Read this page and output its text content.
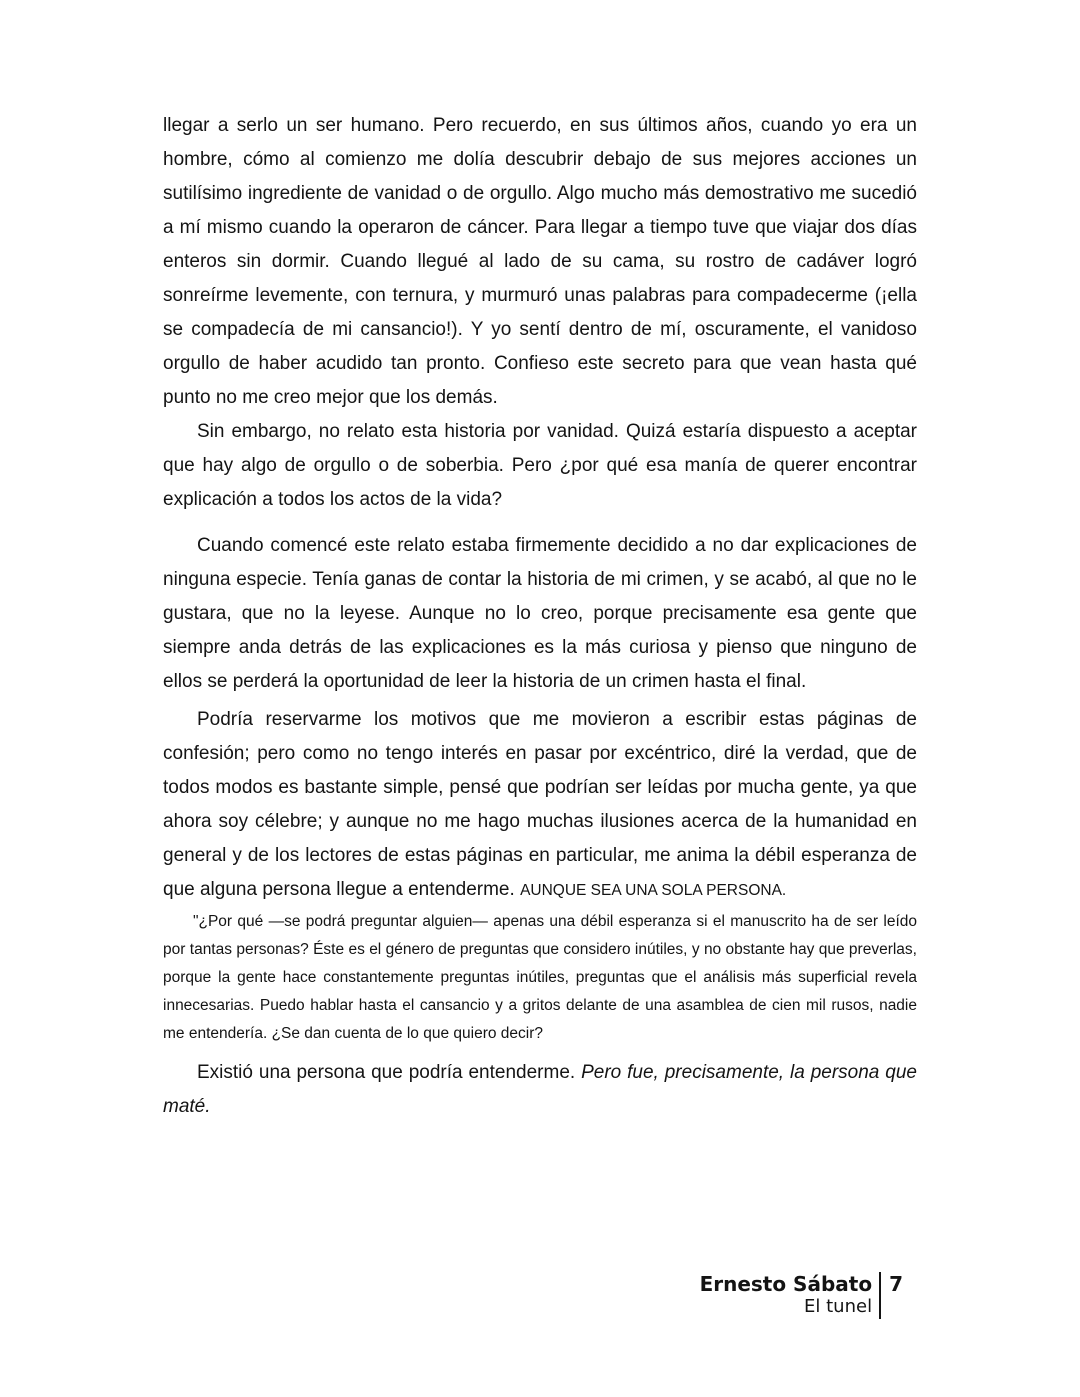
llegar a serlo un ser humano. Pero recuerdo, en sus últimos años, cuando yo era un hombre, cómo al comienzo me dolía descubrir debajo de sus mejores acciones un sutilísimo ingrediente de vanidad o de orgullo. Algo mucho más demostrativo me sucedió a mí mismo cuando la operaron de cáncer. Para llegar a tiempo tuve que viajar dos días enteros sin dormir. Cuando llegué al lado de su cama, su rostro de cadáver logró sonreírme levemente, con ternura, y murmuró unas palabras para compadecerme (¡ella se compadecía de mi cansancio!). Y yo sentí dentro de mí, oscuramente, el vanidoso orgullo de haber acudido tan pronto. Confieso este secreto para que vean hasta qué punto no me creo mejor que los demás.

Sin embargo, no relato esta historia por vanidad. Quizá estaría dispuesto a aceptar que hay algo de orgullo o de soberbia. Pero ¿por qué esa manía de querer encontrar explicación a todos los actos de la vida?

Cuando comencé este relato estaba firmemente decidido a no dar explicaciones de ninguna especie. Tenía ganas de contar la historia de mi crimen, y se acabó, al que no le gustara, que no la leyese. Aunque no lo creo, porque precisamente esa gente que siempre anda detrás de las explicaciones es la más curiosa y pienso que ninguno de ellos se perderá la oportunidad de leer la historia de un crimen hasta el final.

Podría reservarme los motivos que me movieron a escribir estas páginas de confesión; pero como no tengo interés en pasar por excéntrico, diré la verdad, que de todos modos es bastante simple, pensé que podrían ser leídas por mucha gente, ya que ahora soy célebre; y aunque no me hago muchas ilusiones acerca de la humanidad en general y de los lectores de estas páginas en particular, me anima la débil esperanza de que alguna persona llegue a entenderme. AUNQUE SEA UNA SOLA PERSONA.

"¿Por qué —se podrá preguntar alguien— apenas una débil esperanza si el manuscrito ha de ser leído por tantas personas? Éste es el género de preguntas que considero inútiles, y no obstante hay que preverlas, porque la gente hace constantemente preguntas inútiles, preguntas que el análisis más superficial revela innecesarias. Puedo hablar hasta el cansancio y a gritos delante de una asamblea de cien mil rusos, nadie me entendería. ¿Se dan cuenta de lo que quiero decir?

Existió una persona que podría entenderme. Pero fue, precisamente, la persona que maté.

Ernesto Sábato
El tunel
7
